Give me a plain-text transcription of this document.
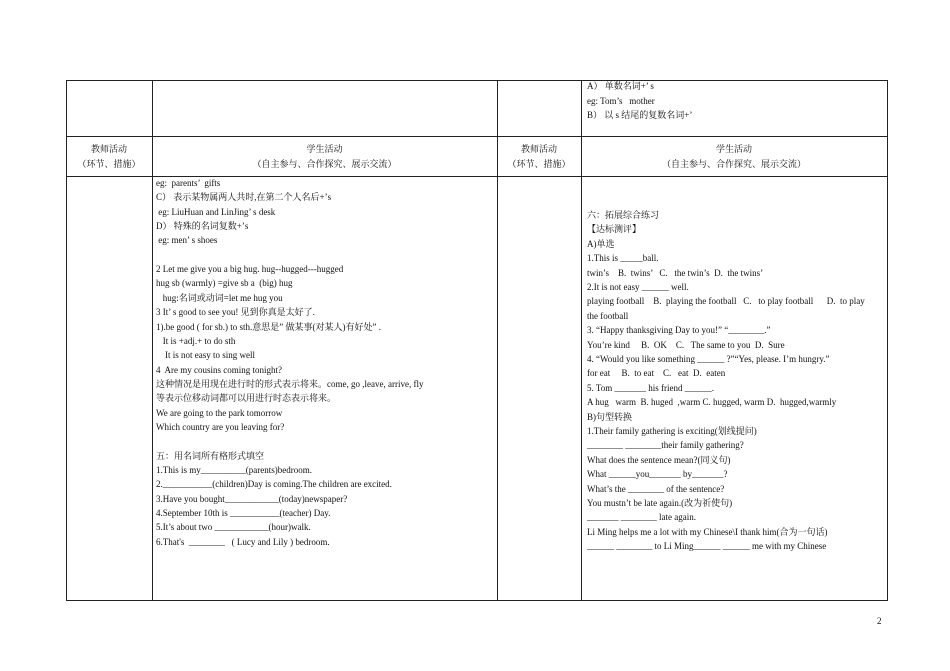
A） 单数名词+’ s
eg: Tom’s   mother
B） 以 s 结尾的复数名词+’
教师活动
（环节、措施）
学生活动
（自主参与、合作探究、展示交流）
教师活动
（环节、措施）
学生活动
（自主参与、合作探究、展示交流）
eg:  parents’  gifts
C） 表示某物属两人共时,在第二个人名后+’s
eg: LiuHuan and LinJing’ s desk
D） 特殊的名词复数+’s
eg: men’ s shoes
2 Let me give you a big hug. hug--hugged---hugged
hug sb (warmly) =give sb a  (big) hug
hug:名词或动词=let me hug you
3 It’ s good to see you! 见到你真是太好了.
1).be good ( for sb.) to sth.意思是” 做某事(对某人)有好处” .
It is +adj.+ to do sth
It is not easy to sing well
4  Are my cousins coming tonight?
这种情况是用现在进行时的形式表示将来。come, go ,leave, arrive, fly
等表示位移动词都可以用进行时态表示将来。
We are going to the park tomorrow
Which country are you leaving for?
五：用名词所有格形式填空
1.This is my__________(parents)bedroom.
2.___________(children)Day is coming.The children are excited.
3.Have you bought____________(today)newspaper?
4.September 10th is ___________(teacher) Day.
5.It’s about two ____________(hour)walk.
6.That's  ________   ( Lucy and Lily ) bedroom.
六：拓展综合练习
【达标测评】
A)单选
1.This is _____ball.
twin’s    B.  twins’   C.   the twin’s  D.  the twins’
2.It is not easy ______ well.
playing football    B.  playing the football   C.   to play football      D.  to play
the football
3. “Happy thanksgiving Day to you!” “________.”
You’re kind     B.  OK    C.   The same to you  D.  Sure
4. “Would you like something ______ ?”“Yes, please. I’m hungry.”
for eat     B.  to eat    C.   eat  D.  eaten
5. Tom _______ his friend ______.
A hug   warm  B. huged  ,warm C. hugged, warm D.  hugged,warmly
B)句型转换
1.Their family gathering is exciting(划线提问)
________ ________their family gathering?
What does the sentence mean?(同义句)
What ______you_______ by_______?
What’s the ________ of the sentence?
You mustn’t be late again.(改为祈使句)
_______ ________ late again.
Li Ming helps me a lot with my Chinese\I thank him(合为一句话)
______ ________ to Li Ming______ ______ me with my Chinese
2
